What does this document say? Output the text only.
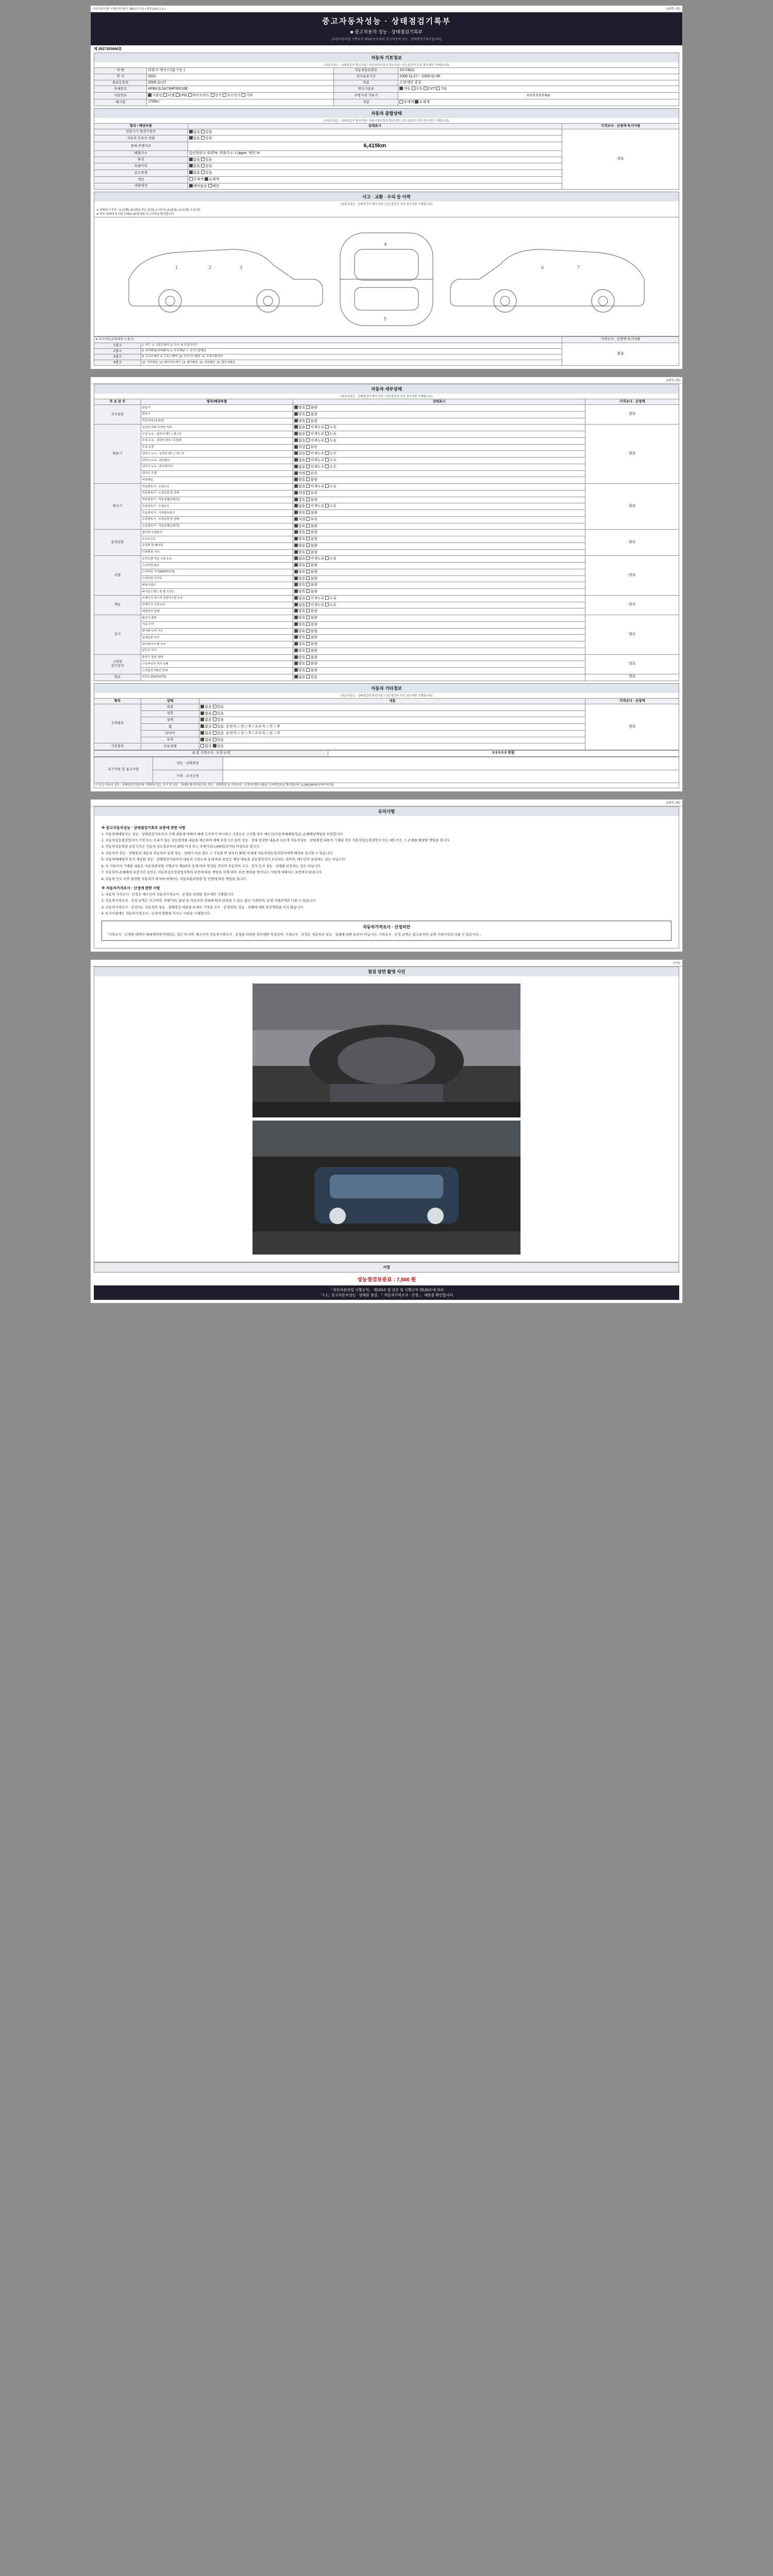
자동차관리법 시행규칙 [별지 제82호서식] <개정 2021.1.6.>	(3쪽중 1쪽)
중고자동차성능 · 상태점검기록부
■ 중고자동차 성능 · 상태점검기록부
(자동차관리법 시행규칙 제120조에 따른 중고자동차 성능 · 상태점검기록부입니다)
제 2627303666호
자동차 기본정보
(자동차성능 · 상태점검자 확인사항 / 자동차정비업자 확인사항 / 성능점검자 작성 경우에만 기재합니다)
차 명	티볼리 에어 (사륜구동 )	자동차등록번호	15저3611
연 식	2021	검사유효기간	2008-11-27 ~ 2009-11-06
최초등록일	2009-11-27	차종	소형세단 종류
차대번호	KPBXJLSA73HP30210E	변속기종류	자동 수동 CVT 기타
사용연료	가솔린 디젤 LPG 하이브리드 전기 수소전기 기타	주행거리 기록기	0 0 0 0 0 0 km
배기량	1799cc	색상	무채색 유채색
자동차 종합상태
(자동차성능 · 상태점검자 확인사항 / 자동차정비업자 확인사항 / 성능점검자 작성 경우에만 기재합니다)
항목 / 해당부품	상태표시	가격조사 · 산정액 특기사항
전용기기 점검기록부	없음 있음	양호
자동차 등록증 상태	없음 있음	
현재 주행거리	6,419km	
배출가스	일산화탄소 0.07% 탄화수소 1.0ppm 매연 %	
튜닝	없음 있음	
특별이력	없음 있음	
용도변경	없음 있음	
색상	무채색 유채색	
리콜대상	해당없음 해당	
사고 · 교환 · 수리 등 이력
(자동차성능 · 상태점검자 확인사항 / 성능점검자 작성 경우에만 기재합니다)
※ 상태표시 부호 : X (교환), W (판금 또는 용접), C (부식), A (흠집), U (요철), T (손상)
※ 하부 상태에 표시된 부위(1~6)에 대한 사고이력을 확인합니다.
1	2	3
4
5
6	7
※ 사고이력 (교차/점검 시 참고)		가격조사 · 산정액 특기사항
1랭크	1. 후드 2. 프론트팬더 3. 도어 4. 트렁크리드	없음
2랭크	5. 쿼터패널(리어팬더) 6. 루프패널 7. 사이드실패널	
3랭크	8. 프론트패널 9. 크로스멤버 10. 인사이드패널 11. 트렁크플로어	
4랭크	12. 리어패널 13. 패키지트레이 14. 필러패널 15. 대쉬패널 16. 플로어패널	

(3쪽중 2쪽)
자동차 세부상태
(자동차성능 · 상태점검자 확인사항 / 성능점검자 작성 경우에만 기재합니다)
주 요 장 치	항목/해당부품	상태표시	가격조사 · 산정액
자기진단	원동기	양호 불량	양호
	변속기	양호 불량	
	작동상태 (공회전)	양호 불량	
원동기	실린더 커버 로커암 커버	없음 미세누유 누유	양호
	오일 누유 - 실린더 헤드 / 개스킷	없음 미세누유 누유	
	오일 누유 - 실린더 블록 / 오일팬	없음 미세누유 누유	
	오일 유량	적정 부족	
	냉각수 누수 - 실린더 헤드 / 개스킷	없음 미세누수 누수	
	냉각수 누수 - 워터펌프	없음 미세누수 누수	
	냉각수 누수 - 라디에이터	없음 미세누수 누수	
	냉각수 수량	적정 부족	
	커먼레일	양호 불량	
변속기	자동변속기 - 오일누유	없음 미세누유 누유	양호
	자동변속기 - 오일유량 및 상태	적정 부족	
	자동변속기 - 작동상태(공회전)	양호 불량	
	수동변속기 - 오일누유	없음 미세누유 누유	
	수동변속기 - 기어변속장치	양호 불량	
	수동변속기 - 오일유량 및 상태	적정 부족	
	수동변속기 - 작동상태(공회전)	양호 불량	
동력전달	클러치 어셈블리	양호 불량	양호
	등속조인트	양호 불량	
	추진축 및 베어링	양호 불량	
	디퍼렌셜 기어	양호 불량	
조향	동력조향 작동 오일 누유	없음 미세누유 누유	양호
	스티어링 펌프	양호 불량	
	스티어링 기어(MDPS포함)	양호 불량	
	스티어링 조인트	양호 불량	
	파워크랭크	양호 불량	
	타이로드엔드 및 볼 조인트	양호 불량	
제동	브레이크 마스터 실린더오일 누유	없음 미세누유 누유	양호
	브레이크 오일 누유	없음 미세누유 누유	
	배력장치 상태	양호 불량	
전기	발전기 출력	양호 불량	양호
	시동 모터	양호 불량	
	와이퍼 모터 기능	양호 불량	
	실내송풍 모터	양호 불량	
	라디에이터 팬 모터	양호 불량	
	윈도우 모터	양호 불량	
고전원
전기장치	충전구 절연 상태	양호 불량	양호
	구동축전지 격리 상태	양호 불량	
	고전원전기배선 상태	양호 불량	
연료	연료누출(LPG포함)	없음 있음	양호
자동차 기타정보
(자동차성능 · 상태점검자 확인사항 / 성능점검자 작성 경우에만 기재합니다)
항목	상태	내용	가격조사 · 산정액
수리필요	외장	없음 있음	양호
	내장	없음 있음	
	광택	없음 있음	
	휠	없음 있음  운전석 □ 전 □ 후 / 조수석 □ 전 □ 후	
	타이어	없음 있음  운전석 □ 전 □ 후 / 조수석 □ 전 □ 후	
	유리	없음 있음	
기본품목	보유상태	없음 있음	
최 종 가격조사 · 산정 금액	0 0 0 0 0 천원
특기사항 및 참고사항	성능 · 상태점검	
	가격 · 조사산정	
이 중고 자동차 성능 · 상태점검기록부에 기재되어 있는 특기 및 성능 · 상태를 확인하였으며, 성능 · 상태점검 및 가격조사 · 산정에 관한 내용을 고지받았음을 확인합니다. (1,540,000원/금액이라 함)		

(3쪽중 3쪽)
유의사항
※ 중고자동차성능 · 상태점검기록부 보증에 관한 사항

1. 자동차매매업자는 성능 · 상태점검기록부의 기재 내용에 대해서 매매 고지하기 아니하고 거짓으로 고지할 경우 매도인(자동차매매업자)은 손해배상책임을 부담합니다.

2. 자동차성능점검업자가 거짓 또는 오류가 있는 성능점검을 내용을 제공하여 매매 보장기간 동안 성능 · 상태 점검한 내용과 다르게 자동차성능 · 상태점검 내용이 기재된 경우 자동차성능점검업자 또는 매도인은 그 손해를 배상할 책임을 집니다.

3. 자동차성능점검 보증기간은 자동차 인도일로부터 30일 이상 또는 주행거리 2,000킬로미터 이상으로 합니다.

4. 자동차의 성능 · 상태점검 내용과 자동차의 실제 성능 · 상태가 다른 경우 그 사실을 안 날부터 30일 이내에 자동차성능점검업자에게 배상을 청구할 수 있습니다.

5. 자동차매매업자 등이 제공한 성능 · 상태점검기록부의 내용과 고장수리 등에 따른 보증은 해당 내용을 성능점검자가 보증하는 것이며, 매도인이 보증하는 것은 아닙니다.

6. 이 기록부의 기재된 내용은 자동차관리법 시행규칙 제120조 등에 따라 작성된 것이며 자동차의 구조 · 장치 등의 성능 · 상태를 보증하는 것은 아닙니다.

7. 자동차의 손해배상 보장기간 동안은 자동차성능점검업자와의 보증에 따른 책임을 지게 되며, 보증 범위를 벗어나는 사항에 대해서는 보증하지 않습니다.

8. 자동차 인도 이후 발생한 자동차의 하자에 대해서는 자동차관리법령 및 민법에 따른 책임을 집니다.

※ 자동차가격조사 · 산정에 관한 사항

1. 자동차 가격조사 · 산정은 매수인이 자동차가격조사 · 산정을 의뢰한 경우에만 기재합니다.

2. 자동차가격조사 · 산정 금액은 사고이력, 주행거리, 옵션 등 자동차의 상태에 따라 달라질 수 있는 참고 가격이며, 실제 거래금액과 다를 수 있습니다.

3. 자동차가격조사 · 산정자는 자동차의 성능 · 상태점검 내용을 토대로 가격을 조사 · 산정하며, 성능 · 상태에 대한 보증책임을 지지 않습니다.

4. 특기사항에는 자동차가격조사 · 산정에 영향을 미치는 사항을 기재합니다.

자동차가격조사 · 산정의안
「가격조사 · 산정한 내역이 매매계약에 반영되는 것은 아니며, 매수인이 자동차가격조사 · 산정을 의뢰한 경우에만 작성되며, 가격조사 · 산정은 자동차의 성능 · 상태에 대한 보증이 아닙니다. 가격조사 · 산정 금액은 참고용이며 실제 거래가격과 다를 수 있습니다.」

(사진)
점검 장면 촬영 사진
서명
성능점검보증료 : 7,500 원
「자동차관리법 시행규칙」 제120조 및 같은 법 시행규칙 제120조에 따라
「1 1」중고자동차성능 · 상태를 점검, 「 자동차가격조사 · 산정 」 내용을 확인합니다.
